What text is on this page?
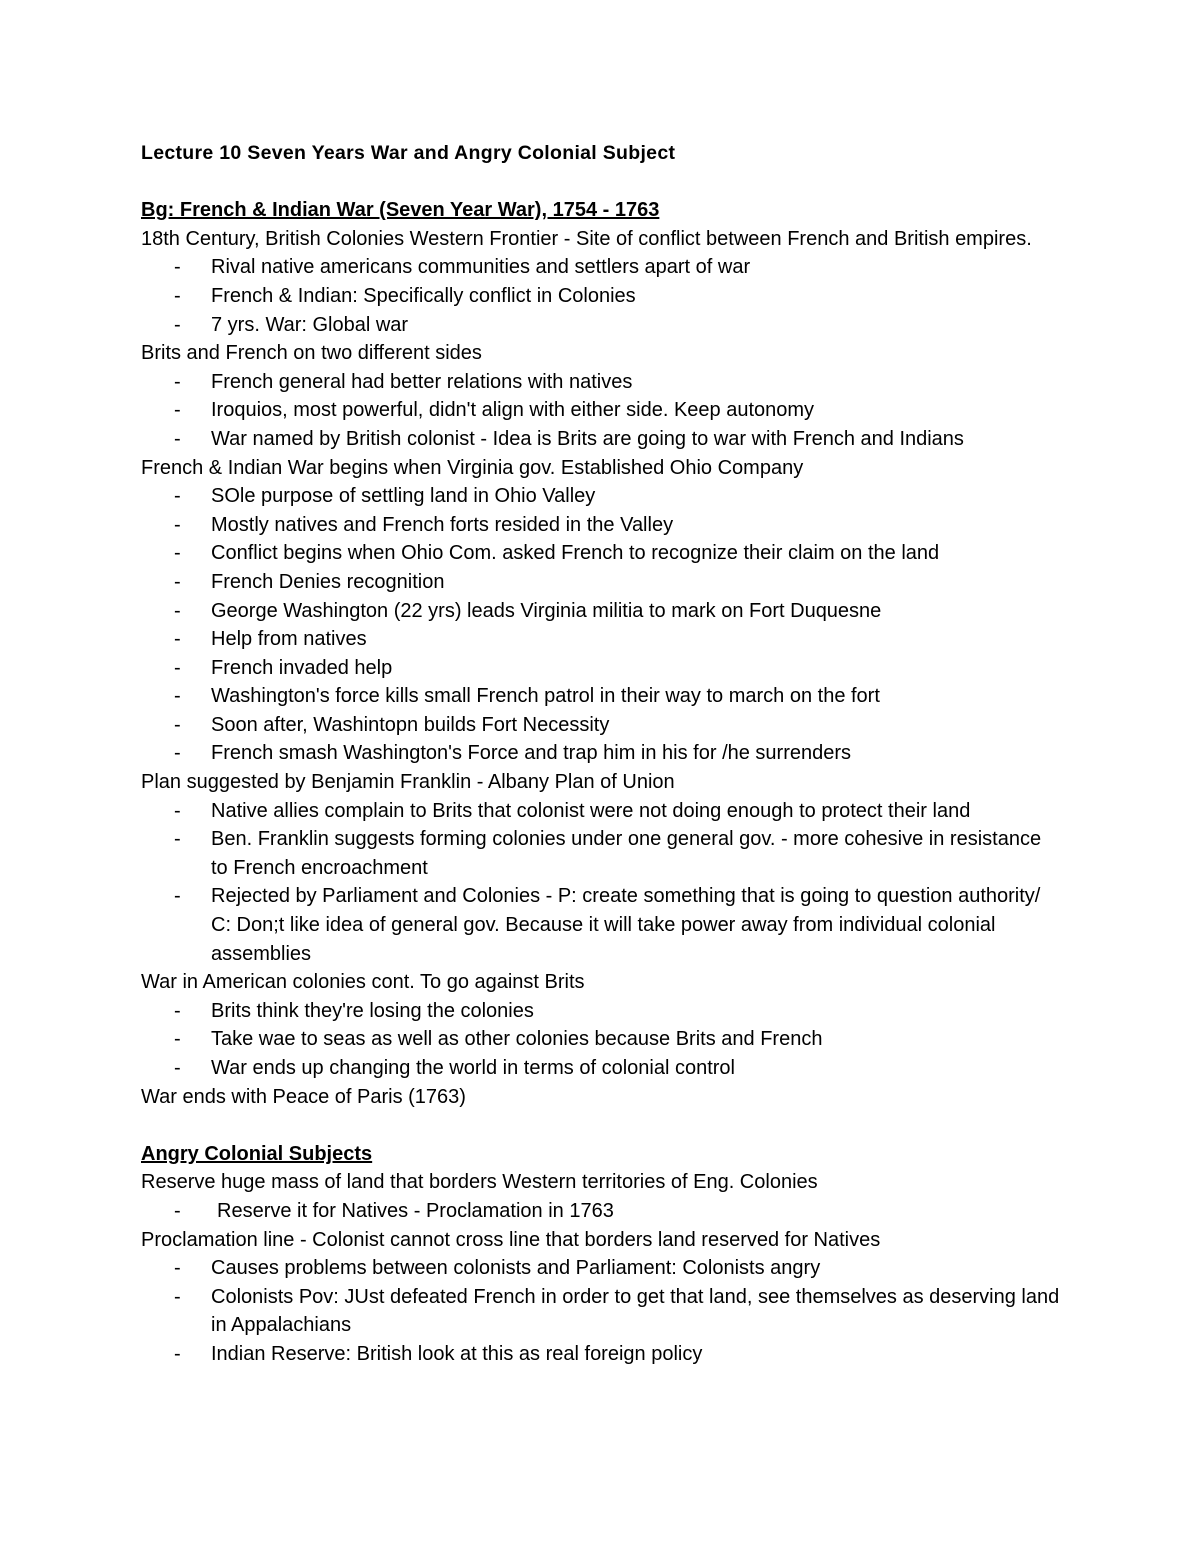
Lecture 10 Seven Years War and Angry Colonial Subject
Bg: French & Indian War (Seven Year War), 1754 - 1763
18th Century, British Colonies Western Frontier - Site of conflict between French and British empires.
- Rival native americans communities and settlers apart of war
- French & Indian: Specifically conflict in Colonies
- 7 yrs. War: Global war
Brits and French on two different sides
- French general had better relations with natives
- Iroquios, most powerful, didn't align with either side. Keep autonomy
- War named by British colonist - Idea is Brits are going to war with French and Indians
French & Indian War begins when Virginia gov. Established Ohio Company
- SOle purpose of settling land in Ohio Valley
- Mostly natives and French forts resided in the Valley
- Conflict begins when Ohio Com. asked French to recognize their claim on the land
- French Denies recognition
- George Washington (22 yrs) leads Virginia militia to mark on Fort Duquesne
- Help from natives
- French invaded help
- Washington's force kills small French patrol in their way to march on the fort
- Soon after, Washintopn builds Fort Necessity
- French smash Washington's Force and trap him in his for /he surrenders
Plan suggested by Benjamin Franklin - Albany Plan of Union
- Native allies complain to Brits that colonist were not doing enough to protect their land
- Ben. Franklin suggests forming colonies under one general gov. - more cohesive in resistance to French encroachment
- Rejected by Parliament and Colonies - P: create something that is going to question authority/ C: Don;t like idea of general gov. Because it will take power away from individual colonial assemblies
War in American colonies cont. To go against Brits
- Brits think they're losing the colonies
- Take wae to seas as well as other colonies because Brits and French
- War ends up changing the world in terms of colonial control
War ends with Peace of Paris (1763)
Angry Colonial Subjects
Reserve huge mass of land that borders Western territories of Eng. Colonies
- Reserve it for Natives - Proclamation in 1763
Proclamation line - Colonist cannot cross line that borders land reserved for Natives
- Causes problems between colonists and Parliament: Colonists angry
- Colonists Pov: JUst defeated French in order to get that land, see themselves as deserving land in Appalachians
- Indian Reserve: British look at this as real foreign policy
